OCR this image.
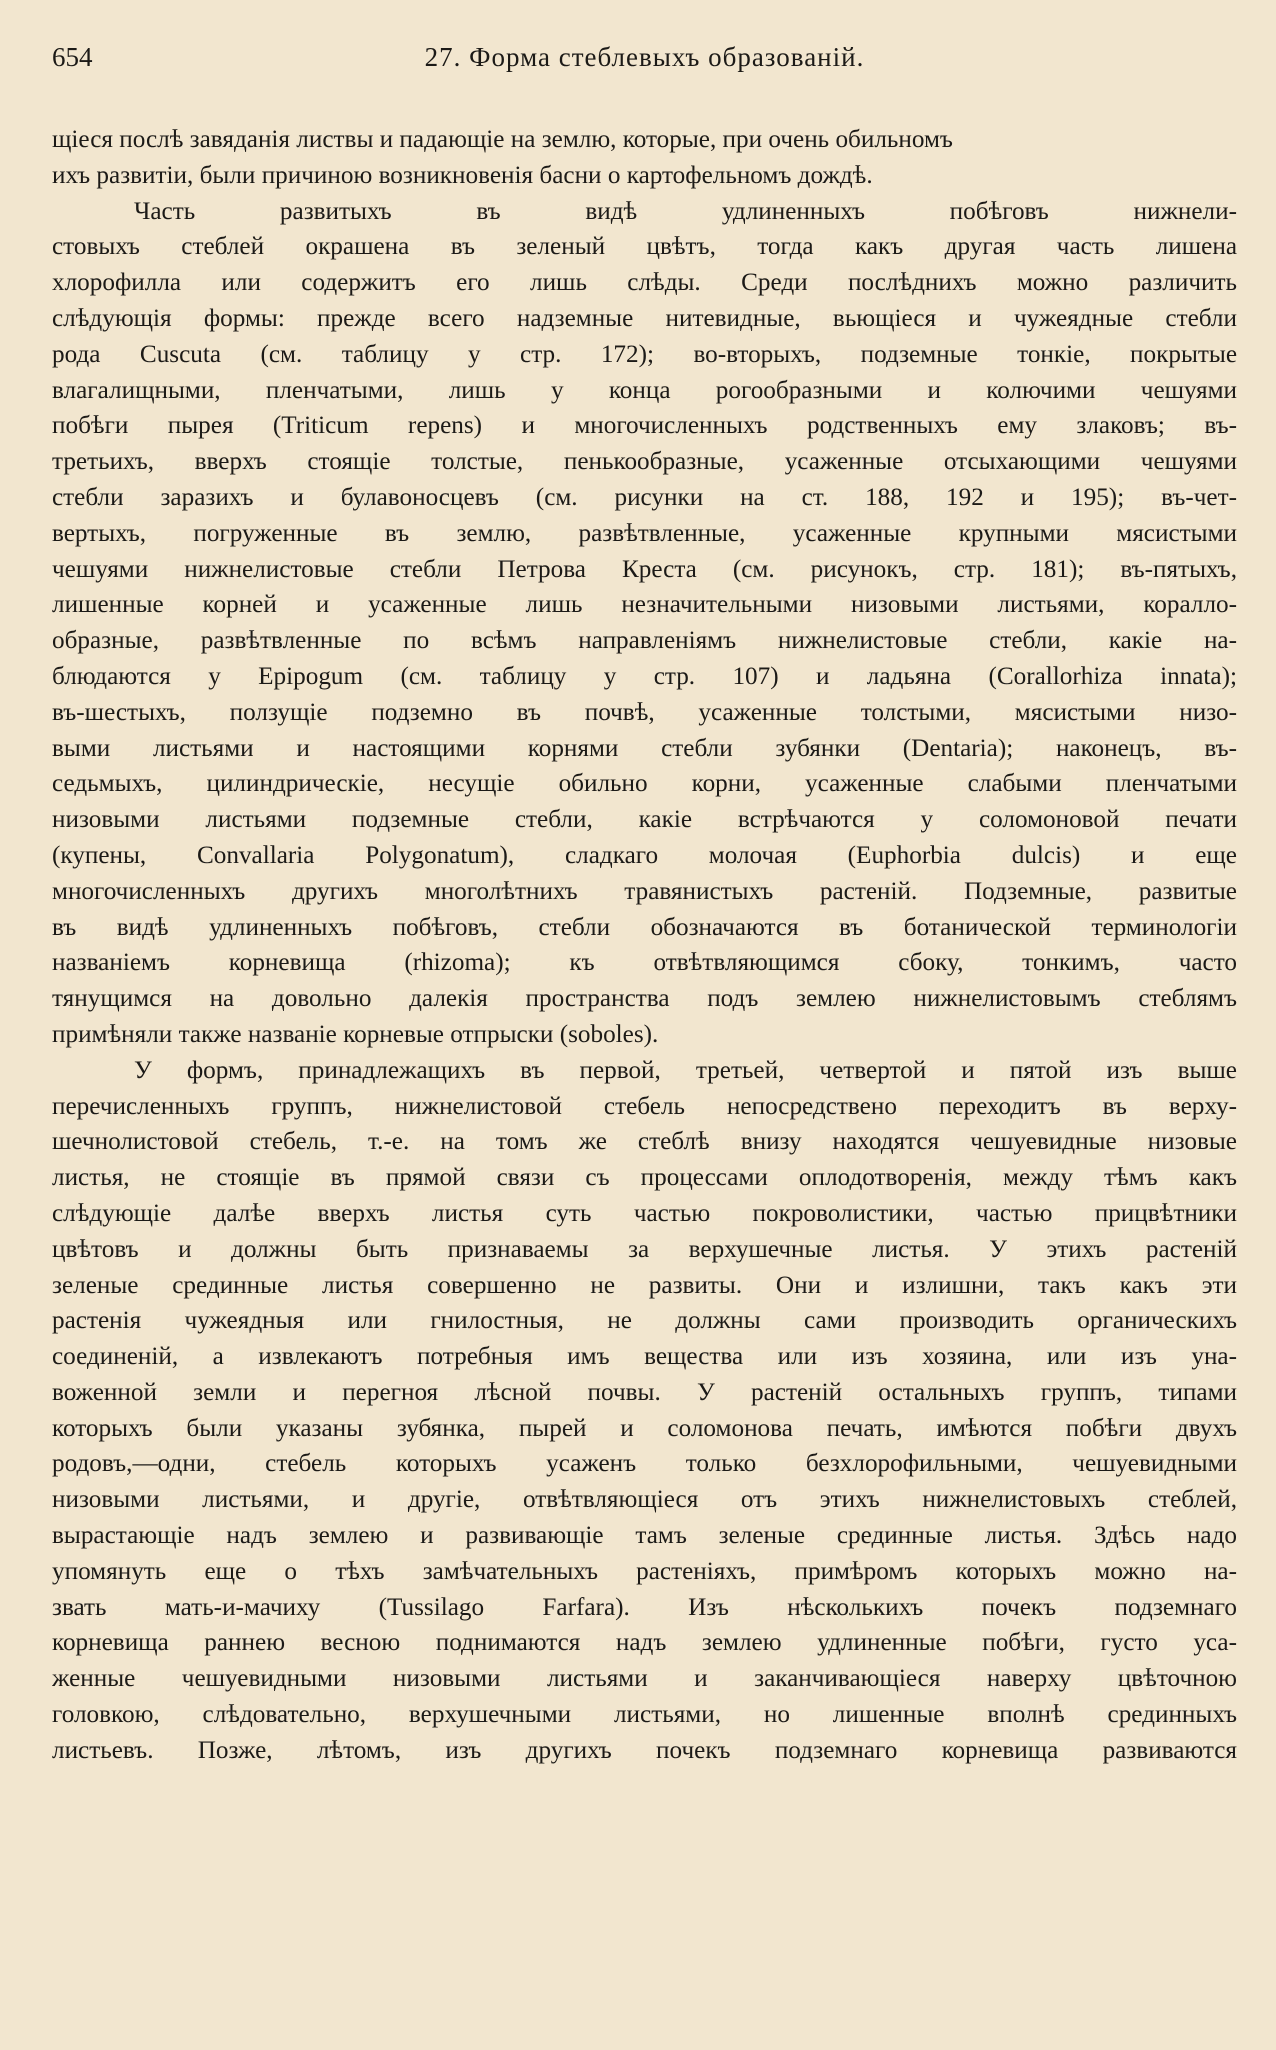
654	27. Форма стеблевыхъ образованій.
щіеся послѣ завяданія листвы и падающіе на землю, которые, при очень обильномъ
ихъ развитіи, были причиною возникновенія басни о картофельномъ дождѣ.
Часть развитыхъ въ видѣ удлиненныхъ побѣговъ нижнели-
стовыхъ стеблей окрашена въ зеленый цвѣтъ, тогда какъ другая часть лишена
хлорофилла или содержитъ его лишь слѣды. Среди послѣднихъ можно различить
слѣдующія формы: прежде всего надземные нитевидные, вьющіеся и чужеядные стебли
рода Cuscuta (см. таблицу у стр. 172); во-вторыхъ, подземные тонкіе, покрытые
влагалищными, пленчатыми, лишь у конца рогообразными и колючими чешуями
побѣги пырея (Triticum repens) и многочисленныхъ родственныхъ ему злаковъ; въ-
третьихъ, вверхъ стоящіе толстые, пенькообразные, усаженные отсыхающими чешуями
стебли заразихъ и булавоносцевъ (см. рисунки на ст. 188, 192 и 195); въ-чет-
вертыхъ, погруженные въ землю, развѣтвленные, усаженные крупными мясистыми
чешуями нижнелистовые стебли Петрова Креста (см. рисунокъ, стр. 181); въ-пятыхъ,
лишенные корней и усаженные лишь незначительными низовыми листьями, коралло-
образные, развѣтвленные по всѣмъ направленіямъ нижнелистовые стебли, какіе на-
блюдаются у Epipogum (см. таблицу у стр. 107) и ладьяна (Corallorhiza innata);
въ-шестыхъ, ползущіе подземно въ почвѣ, усаженные толстыми, мясистыми низо-
выми листьями и настоящими корнями стебли зубянки (Dentaria); наконецъ, въ-
седьмыхъ, цилиндрическіе, несущіе обильно корни, усаженные слабыми пленчатыми
низовыми листьями подземные стебли, какіе встрѣчаются у соломоновой печати
(купены, Convallaria Polygonatum), сладкаго молочая (Euphorbia dulcis) и еще
многочисленныхъ другихъ многолѣтнихъ травянистыхъ растеній. Подземные, развитые
въ видѣ удлиненныхъ побѣговъ, стебли обозначаются въ ботанической терминологіи
названіемъ корневища (rhizoma); къ отвѣтвляющимся сбоку, тонкимъ, часто
тянущимся на довольно далекія пространства подъ землею нижнелистовымъ стеблямъ
примѣняли также названіе корневые отпрыски (soboles).
У формъ, принадлежащихъ въ первой, третьей, четвертой и пятой изъ выше
перечисленныхъ группъ, нижнелистовой стебель непосредствено переходитъ въ верху-
шечнолистовой стебель, т.-е. на томъ же стеблѣ внизу находятся чешуевидные низовые
листья, не стоящіе въ прямой связи съ процессами оплодотворенія, между тѣмъ какъ
слѣдующіе далѣе вверхъ листья суть частью покроволистики, частью прицвѣтники
цвѣтовъ и должны быть признаваемы за верхушечные листья. У этихъ растеній
зеленые срединные листья совершенно не развиты. Они и излишни, такъ какъ эти
растенія чужеядныя или гнилостныя, не должны сами производить органическихъ
соединеній, а извлекаютъ потребныя имъ вещества или изъ хозяина, или изъ уна-
воженной земли и перегноя лѣсной почвы. У растеній остальныхъ группъ, типами
которыхъ были указаны зубянка, пырей и соломонова печать, имѣются побѣги двухъ
родовъ,—одни, стебель которыхъ усаженъ только безхлорофильными, чешуевидными
низовыми листьями, и другіе, отвѣтвляющіеся отъ этихъ нижнелистовыхъ стеблей,
вырастающіе надъ землею и развивающіе тамъ зеленые срединные листья. Здѣсь надо
упомянуть еще о тѣхъ замѣчательныхъ растеніяхъ, примѣромъ которыхъ можно на-
звать мать-и-мачиху (Tussilago Farfara). Изъ нѣсколькихъ почекъ подземнаго
корневища раннею весною поднимаются надъ землею удлиненные побѣги, густо уса-
женные чешуевидными низовыми листьями и заканчивающіеся наверху цвѣточною
головкою, слѣдовательно, верхушечными листьями, но лишенные вполнѣ срединныхъ
листьевъ. Позже, лѣтомъ, изъ другихъ почекъ подземнаго корневища развиваются
